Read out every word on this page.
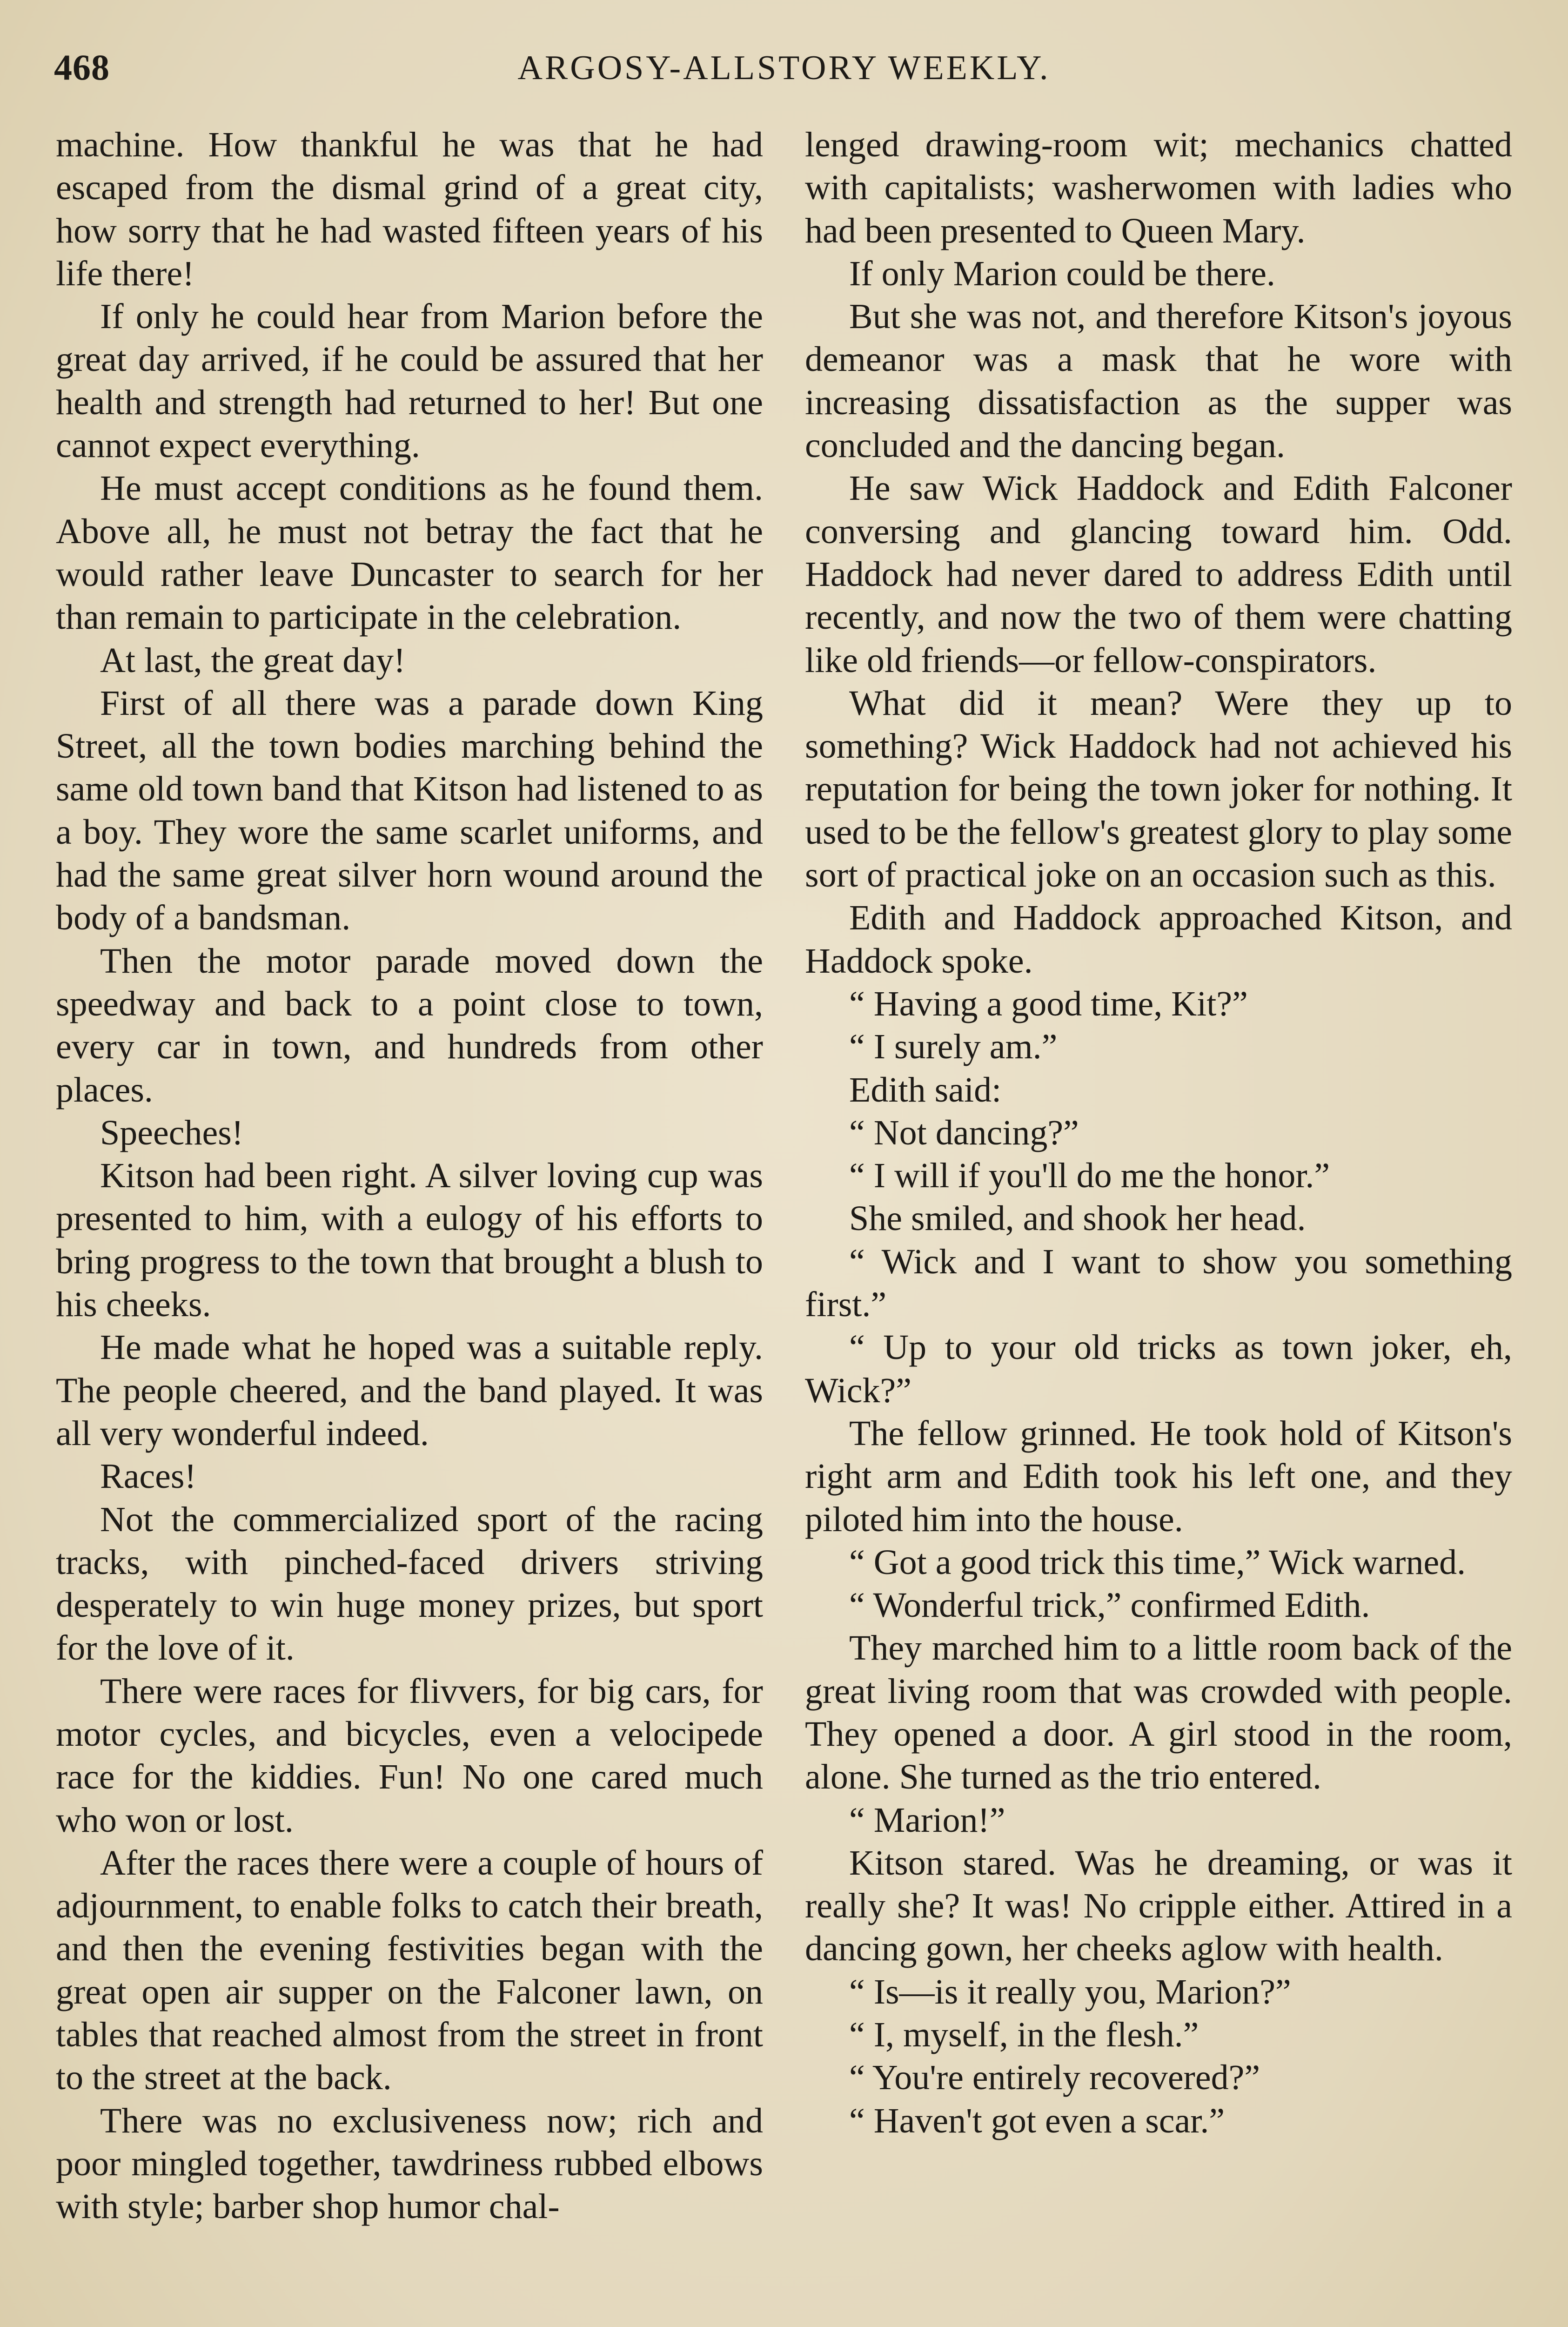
468	ARGOSY-ALLSTORY WEEKLY.

machine. How thankful he was that he had escaped from the dismal grind of a great city, how sorry that he had wasted fifteen years of his life there!

If only he could hear from Marion before the great day arrived, if he could be assured that her health and strength had returned to her! But one cannot expect everything.

He must accept conditions as he found them. Above all, he must not betray the fact that he would rather leave Duncaster to search for her than remain to participate in the celebration.

At last, the great day!

First of all there was a parade down King Street, all the town bodies marching behind the same old town band that Kitson had listened to as a boy. They wore the same scarlet uniforms, and had the same great silver horn wound around the body of a bandsman.

Then the motor parade moved down the speedway and back to a point close to town, every car in town, and hundreds from other places.

Speeches!

Kitson had been right. A silver loving cup was presented to him, with a eulogy of his efforts to bring progress to the town that brought a blush to his cheeks.

He made what he hoped was a suitable reply. The people cheered, and the band played. It was all very wonderful indeed.

Races!

Not the commercialized sport of the racing tracks, with pinched-faced drivers striving desperately to win huge money prizes, but sport for the love of it.

There were races for flivvers, for big cars, for motor cycles, and bicycles, even a velocipede race for the kiddies. Fun! No one cared much who won or lost.

After the races there were a couple of hours of adjournment, to enable folks to catch their breath, and then the evening festivities began with the great open air supper on the Falconer lawn, on tables that reached almost from the street in front to the street at the back.

There was no exclusiveness now; rich and poor mingled together, tawdriness rubbed elbows with style; barber shop humor chal-

lenged drawing-room wit; mechanics chatted with capitalists; washerwomen with ladies who had been presented to Queen Mary.

If only Marion could be there.

But she was not, and therefore Kitson's joyous demeanor was a mask that he wore with increasing dissatisfaction as the supper was concluded and the dancing began.

He saw Wick Haddock and Edith Falconer conversing and glancing toward him. Odd. Haddock had never dared to address Edith until recently, and now the two of them were chatting like old friends—or fellow-conspirators.

What did it mean? Were they up to something? Wick Haddock had not achieved his reputation for being the town joker for nothing. It used to be the fellow's greatest glory to play some sort of practical joke on an occasion such as this.

Edith and Haddock approached Kitson, and Haddock spoke.

“ Having a good time, Kit?”

“ I surely am.”

Edith said:

“ Not dancing?”

“ I will if you'll do me the honor.”

She smiled, and shook her head.

“ Wick and I want to show you something first.”

“ Up to your old tricks as town joker, eh, Wick?”

The fellow grinned. He took hold of Kitson's right arm and Edith took his left one, and they piloted him into the house.

“ Got a good trick this time,” Wick warned.

“ Wonderful trick,” confirmed Edith.

They marched him to a little room back of the great living room that was crowded with people. They opened a door. A girl stood in the room, alone. She turned as the trio entered.

“ Marion!”

Kitson stared. Was he dreaming, or was it really she? It was! No cripple either. Attired in a dancing gown, her cheeks aglow with health.

“ Is—is it really you, Marion?”

“ I, myself, in the flesh.”

“ You're entirely recovered?”

“ Haven't got even a scar.”
